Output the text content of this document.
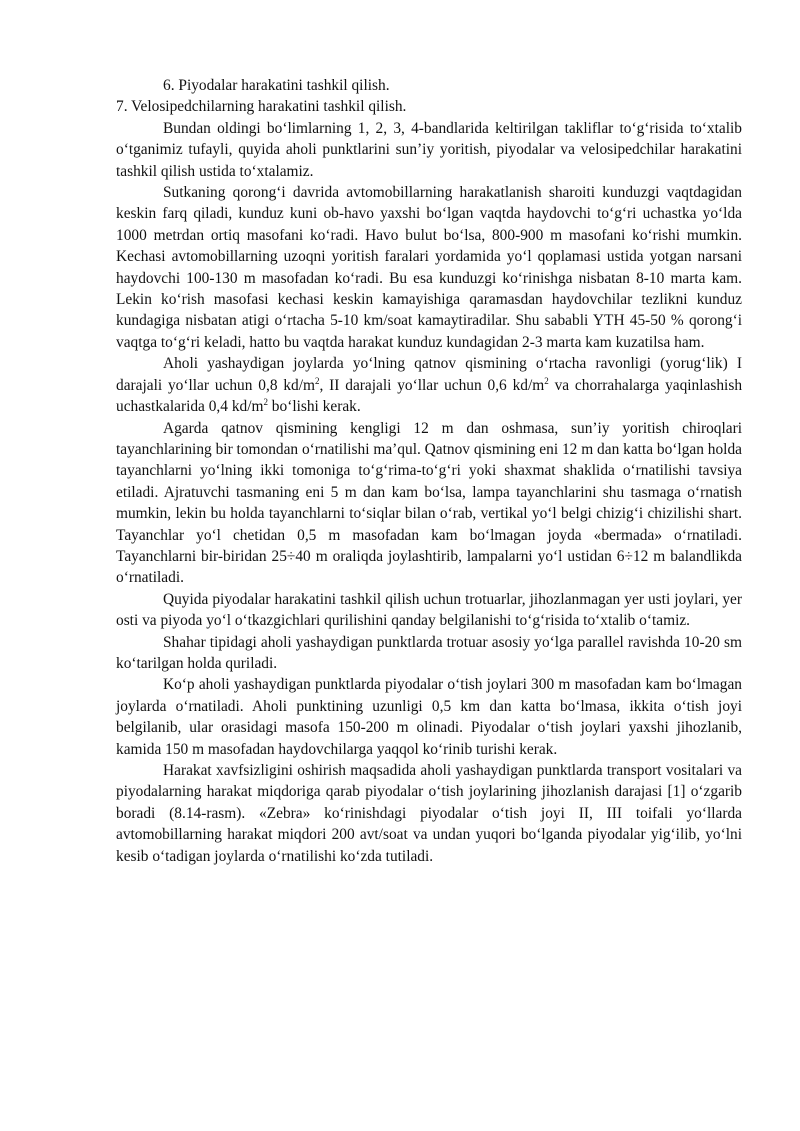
6. Piyodalar harakatini tashkil qilish.

7. Velosipedchilarning harakatini tashkil qilish.

Bundan oldingi bo‘limlarning 1, 2, 3, 4-bandlarida keltirilgan takliflar to‘g‘risida to‘xtalib o‘tganimiz tufayli, quyida aholi punktlarini sun’iy yoritish, piyodalar va velosipedchilar harakatini tashkil qilish ustida to‘xtalamiz.

Sutkaning qorong‘i davrida avtomobillarning harakatlanish sharoiti kunduzgi vaqtdagidan keskin farq qiladi, kunduz kuni ob-havo yaxshi bo‘lgan vaqtda haydovchi to‘g‘ri uchastka yo‘lda 1000 metrdan ortiq masofani ko‘radi. Havo bulut bo‘lsa, 800-900 m masofani ko‘rishi mumkin. Kechasi avtomobillarning uzoqni yoritish faralari yordamida yo‘l qoplamasi ustida yotgan narsani haydovchi 100-130 m masofadan ko‘radi. Bu esa kunduzgi ko‘rinishga nisbatan 8-10 marta kam. Lekin ko‘rish masofasi kechasi keskin kamayishiga qaramasdan haydovchilar tezlikni kunduz kundagiga nisbatan atigi o‘rtacha 5-10 km/soat kamaytiradilar. Shu sababli YTH 45-50 % qorong‘i vaqtga to‘g‘ri keladi, hatto bu vaqtda harakat kunduz kundagidan 2-3 marta kam kuzatilsa ham.

Aholi yashaydigan joylarda yo‘lning qatnov qismining o‘rtacha ravonligi (yorug‘lik) I darajali yo‘llar uchun 0,8 $kd/m^2$, II darajali yo‘llar uchun 0,6 $kd/m^2$ va chorrahalarga yaqinlashish uchastkalarida 0,4 $kd/m^2$ bo‘lishi kerak.

Agarda qatnov qismining kengligi 12 m dan oshmasa, sun’iy yoritish chiroqlari tayanchlarining bir tomondan o‘rnatilishi ma’qul. Qatnov qismining eni 12 m dan katta bo‘lgan holda tayanchlarni yo‘lning ikki tomoniga to‘g‘rima-to‘g‘ri yoki shaxmat shaklida o‘rnatilishi tavsiya etiladi. Ajratuvchi tasmaning eni 5 m dan kam bo‘lsa, lampa tayanchlarini shu tasmaga o‘rnatish mumkin, lekin bu holda tayanchlarni to‘siqlar bilan o‘rab, vertikal yo‘l belgi chizig‘i chizilishi shart. Tayanchlar yo‘l chetidan 0,5 m masofadan kam bo‘lmagan joyda «bermada» o‘rnatiladi. Tayanchlarni bir-biridan 25÷40 m oraliqda joylashtirib, lampalarni yo‘l ustidan 6÷12 m balandlikda o‘rnatiladi.

Quyida piyodalar harakatini tashkil qilish uchun trotuarlar, jihozlanmagan yer usti joylari, yer osti va piyoda yo‘l o‘tkazgichlari qurilishini qanday belgilanishi to‘g‘risida to‘xtalib o‘tamiz.

Shahar tipidagi aholi yashaydigan punktlarda trotuar asosiy yo‘lga parallel ravishda 10-20 sm ko‘tarilgan holda quriladi.

Ko‘p aholi yashaydigan punktlarda piyodalar o‘tish joylari 300 m masofadan kam bo‘lmagan joylarda o‘rnatiladi. Aholi punktining uzunligi 0,5 km dan katta bo‘lmasa, ikkita o‘tish joyi belgilanib, ular orasidagi masofa 150-200 m olinadi. Piyodalar o‘tish joylari yaxshi jihozlanib, kamida 150 m masofadan haydovchilarga yaqqol ko‘rinib turishi kerak.

Harakat xavfsizligini oshirish maqsadida aholi yashaydigan punktlarda transport vositalari va piyodalarning harakat miqdoriga qarab piyodalar o‘tish joylarining jihozlanish darajasi [1] o‘zgarib boradi (8.14-rasm). «Zebra» ko‘rinishdagi piyodalar o‘tish joyi II, III toifali yo‘llarda avtomobillarning harakat miqdori 200 avt/soat va undan yuqori bo‘lganda piyodalar yig‘ilib, yo‘lni kesib o‘tadigan joylarda o‘rnatilishi ko‘zda tutiladi.
